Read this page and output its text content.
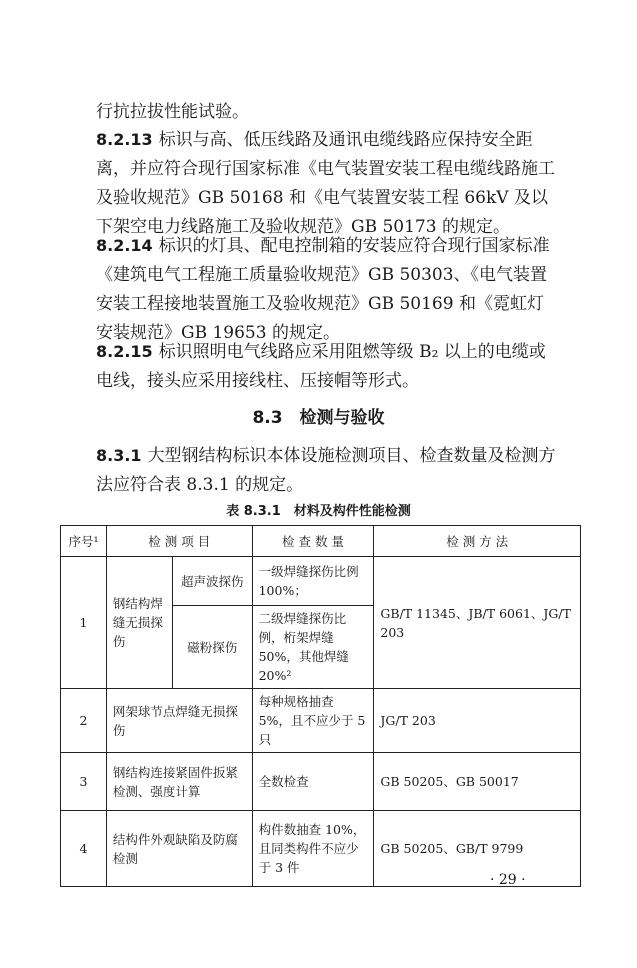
行抗拉拔性能试验。

8.2.13 标识与高、低压线路及通讯电缆线路应保持安全距离，并应符合现行国家标准《电气装置安装工程电缆线路施工及验收规范》GB 50168 和《电气装置安装工程 66kV 及以下架空电力线路施工及验收规范》GB 50173 的规定。

8.2.14 标识的灯具、配电控制箱的安装应符合现行国家标准《建筑电气工程施工质量验收规范》GB 50303、《电气装置安装工程接地装置施工及验收规范》GB 50169 和《霓虹灯安装规范》GB 19653 的规定。

8.2.15 标识照明电气线路应采用阻燃等级 B₂ 以上的电缆或电线，接头应采用接线柱、压接帽等形式。

8.3　检测与验收

8.3.1 大型钢结构标识本体设施检测项目、检查数量及检测方法应符合表 8.3.1 的规定。

表 8.3.1　材料及构件性能检测
序号¹	检 测 项 目		检 查 数 量	检 测 方 法
1	钢结构焊缝无损探伤	超声波探伤	一级焊缝探伤比例100%；	GB/T 11345、JB/T 6061、JG/T 203
		磁粉探伤	二级焊缝探伤比例，桁架焊缝 50%，其他焊缝 20%²	
2	网架球节点焊缝无损探伤		每种规格抽查 5%，且不应少于 5 只	JG/T 203
3	钢结构连接紧固件扳紧检测、强度计算		全数检查	GB 50205、GB 50017
4	结构件外观缺陷及防腐检测		构件数抽查 10%，且同类构件不应少于 3 件	GB 50205、GB/T 9799
· 29 ·
